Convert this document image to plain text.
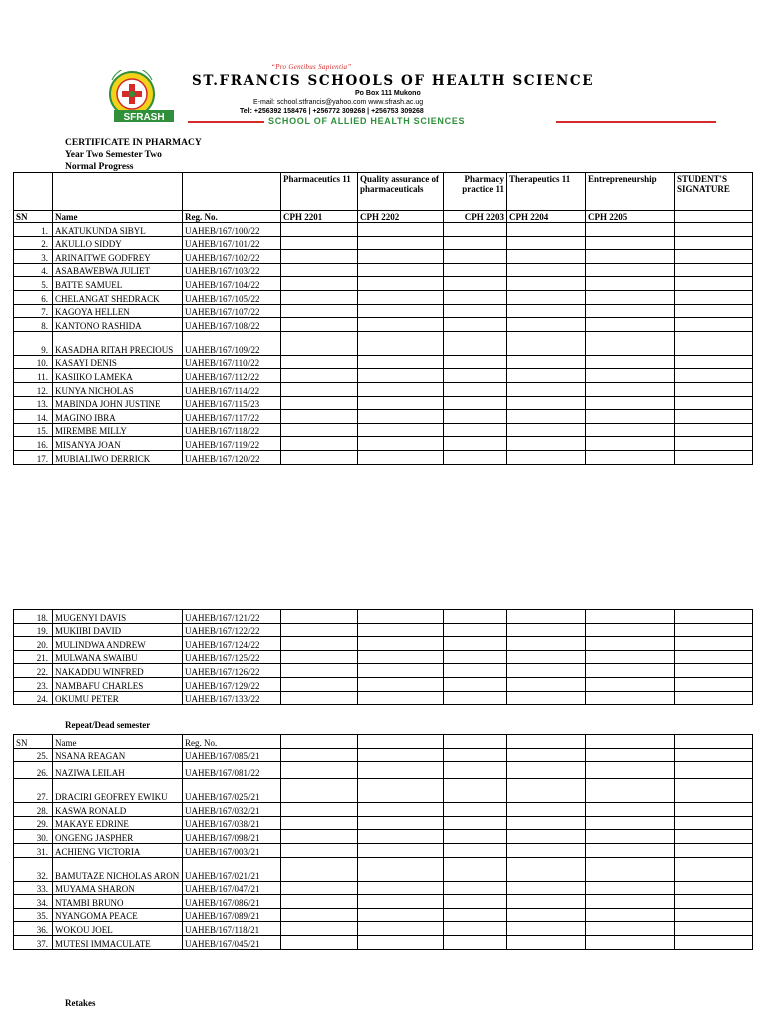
SFRASH
“Pro Gentibus Sapientia”
ST.FRANCIS SCHOOLS OF HEALTH SCIENCE
Po Box 111 Mukono
E-mail: school.stfrancis@yahoo.com www.sfrash.ac.ug
Tel: +256392 158476 | +256772 309268 | +256753 309268
SCHOOL OF ALLIED HEALTH SCIENCES
CERTIFICATE IN PHARMACY
Year Two Semester Two
Normal Progress
			Pharmaceutics 11	Quality assurance of pharmaceuticals	Pharmacy practice 11	Therapeutics 11	Entrepreneurship	STUDENT'S SIGNATURE
SN	Name	Reg. No.	CPH 2201	CPH 2202	CPH 2203	CPH 2204	CPH 2205	
1.	AKATUKUNDA SIBYL	UAHEB/167/100/22						
2.	AKULLO SIDDY	UAHEB/167/101/22						
3.	ARINAITWE GODFREY	UAHEB/167/102/22						
4.	ASABAWEBWA JULIET	UAHEB/167/103/22						
5.	BATTE SAMUEL	UAHEB/167/104/22						
6.	CHELANGAT SHEDRACK	UAHEB/167/105/22						
7.	KAGOYA HELLEN	UAHEB/167/107/22						
8.	KANTONO RASHIDA	UAHEB/167/108/22						
9.	KASADHA RITAH PRECIOUS	UAHEB/167/109/22						
10.	KASAYI DENIS	UAHEB/167/110/22						
11.	KASIIKO LAMEKA	UAHEB/167/112/22						
12.	KUNYA NICHOLAS	UAHEB/167/114/22						
13.	MABINDA JOHN JUSTINE	UAHEB/167/115/23						
14.	MAGINO IBRA	UAHEB/167/117/22						
15.	MIREMBE MILLY	UAHEB/167/118/22						
16.	MISANYA JOAN	UAHEB/167/119/22						
17.	MUBIALIWO DERRICK	UAHEB/167/120/22						
18.	MUGENYI DAVIS	UAHEB/167/121/22						
19.	MUKIIBI DAVID	UAHEB/167/122/22						
20.	MULINDWA ANDREW	UAHEB/167/124/22						
21.	MULWANA SWAIBU	UAHEB/167/125/22						
22.	NAKADDU WINFRED	UAHEB/167/126/22						
23.	NAMBAFU CHARLES	UAHEB/167/129/22						
24.	OKUMU PETER	UAHEB/167/133/22						
Repeat/Dead semester
SN	Name	Reg. No.						
25.	NSANA REAGAN	UAHEB/167/085/21						
26.	NAZIWA LEILAH	UAHEB/167/081/22						
27.	DRACIRI GEOFREY EWIKU	UAHEB/167/025/21						
28.	KASWA RONALD	UAHEB/167/032/21						
29.	MAKAYE EDRINE	UAHEB/167/038/21						
30.	ONGENG JASPHER	UAHEB/167/098/21						
31.	ACHIENG VICTORIA	UAHEB/167/003/21						
32.	BAMUTAZE NICHOLAS ARON	UAHEB/167/021/21						
33.	MUYAMA SHARON	UAHEB/167/047/21						
34.	NTAMBI BRUNO	UAHEB/167/086/21						
35.	NYANGOMA PEACE	UAHEB/167/089/21						
36.	WOKOU JOEL	UAHEB/167/118/21						
37.	MUTESI IMMACULATE	UAHEB/167/045/21						
Retakes
